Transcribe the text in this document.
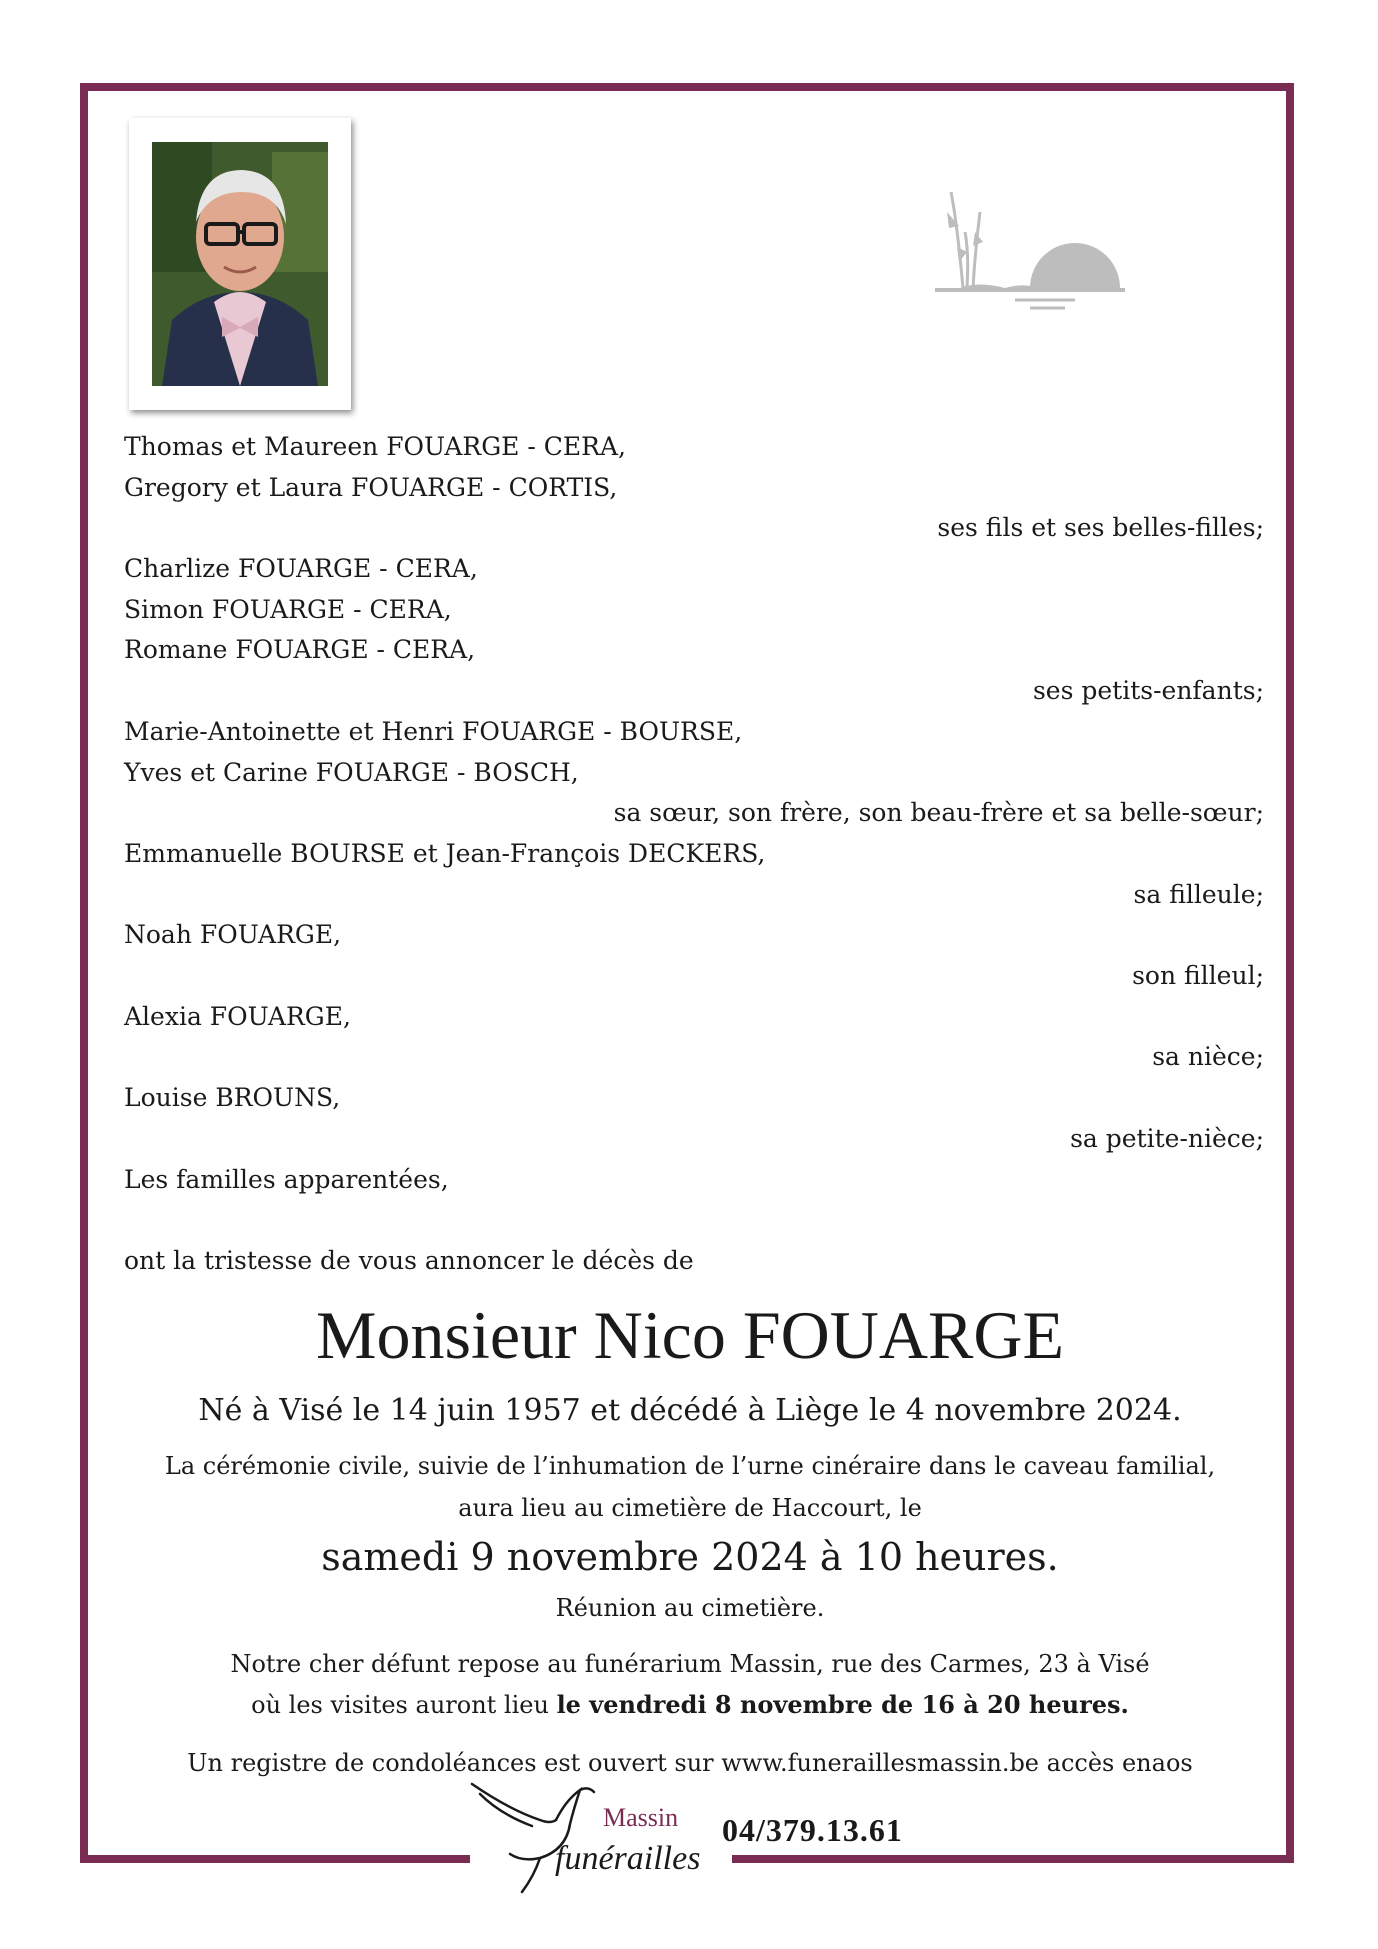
Thomas et Maureen FOUARGE - CERA,
Gregory et Laura FOUARGE - CORTIS,
ses fils et ses belles-filles;
Charlize FOUARGE - CERA,
Simon FOUARGE - CERA,
Romane FOUARGE - CERA,
ses petits-enfants;
Marie-Antoinette et Henri FOUARGE - BOURSE,
Yves et Carine FOUARGE - BOSCH,
sa sœur, son frère, son beau-frère et sa belle-sœur;
Emmanuelle BOURSE et Jean-François DECKERS,
sa filleule;
Noah FOUARGE,
son filleul;
Alexia FOUARGE,
sa nièce;
Louise BROUNS,
sa petite-nièce;
Les familles apparentées,
ont la tristesse de vous annoncer le décès de
Monsieur Nico FOUARGE
Né à Visé le 14 juin 1957 et décédé à Liège le 4 novembre 2024.
La cérémonie civile, suivie de l’inhumation de l’urne cinéraire dans le caveau familial,
aura lieu au cimetière de Haccourt, le
samedi 9 novembre 2024 à 10 heures.
Réunion au cimetière.
Notre cher défunt repose au funérarium Massin, rue des Carmes, 23 à Visé
où les visites auront lieu le vendredi 8 novembre de 16 à 20 heures.
Un registre de condoléances est ouvert sur www.funeraillesmassin.be accès enaos
Massin
funérailles
04/379.13.61
